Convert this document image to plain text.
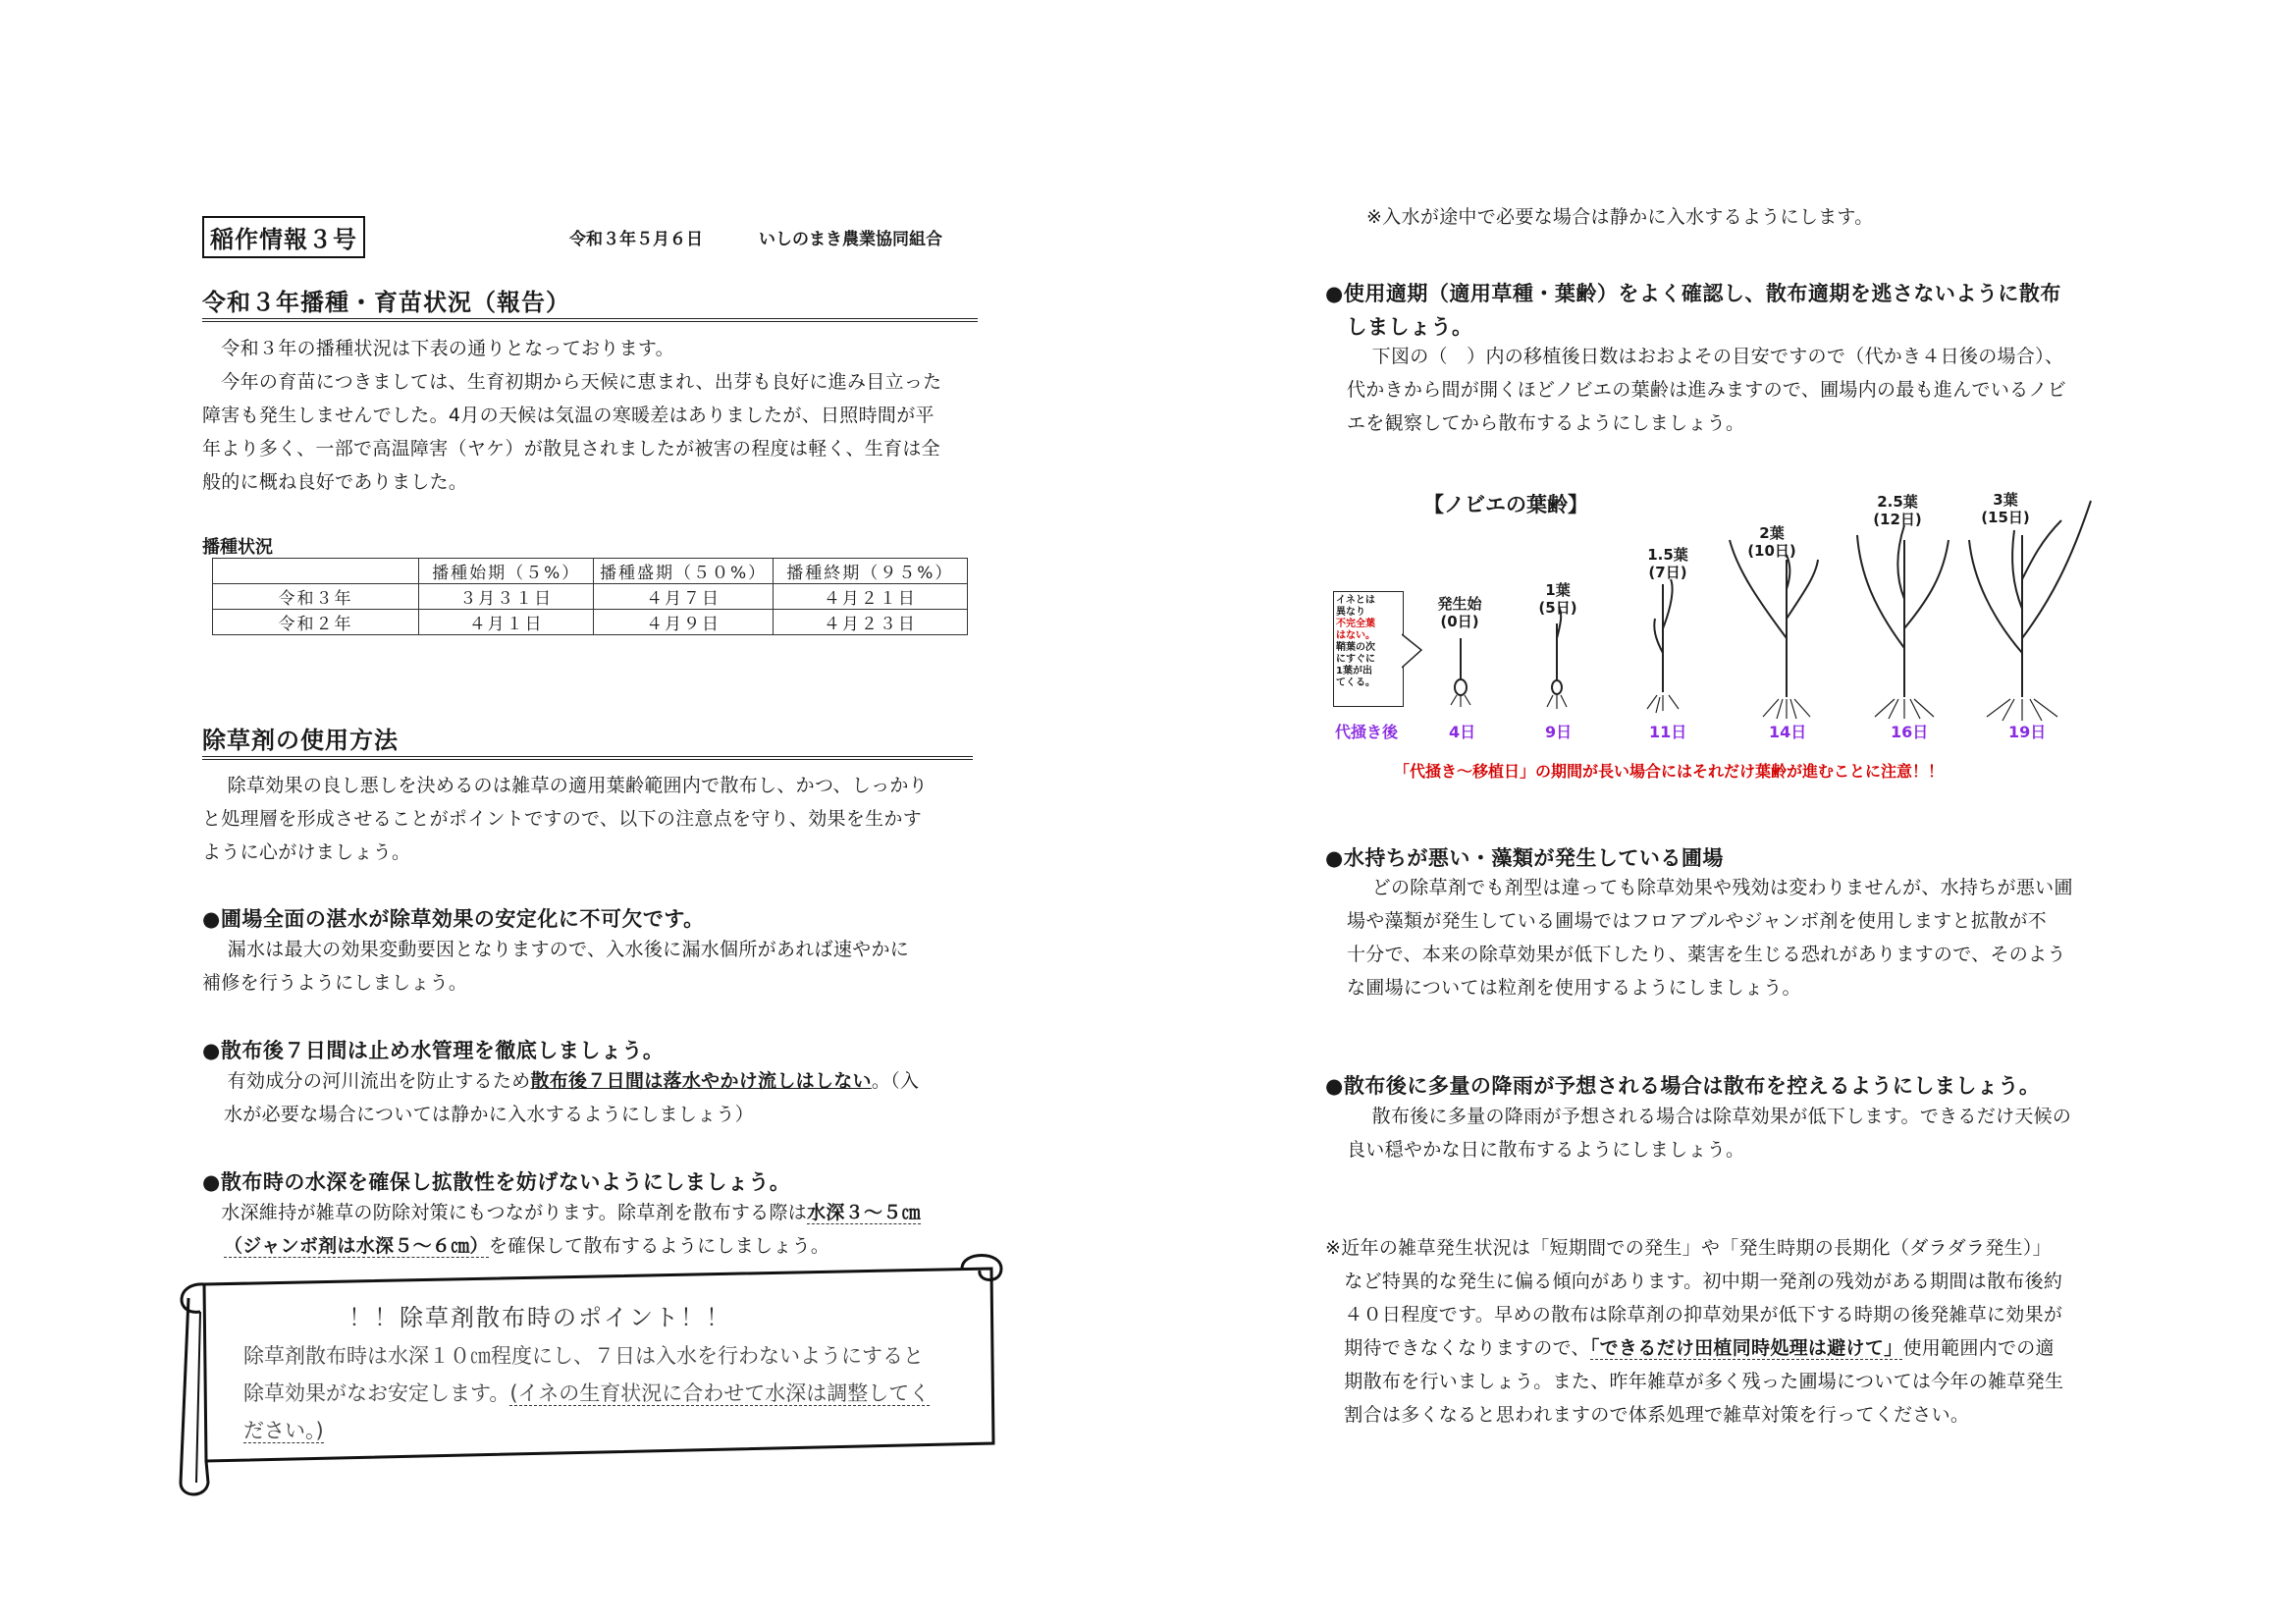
稲作情報３号	令和３年５月６日	いしのまき農業協同組合
令和３年播種・育苗状況（報告）

　令和３年の播種状況は下表の通りとなっております。

　今年の育苗につきましては、生育初期から天候に恵まれ、出芽も良好に進み目立った

障害も発生しませんでした。4月の天候は気温の寒暖差はありましたが、日照時間が平

年より多く、一部で高温障害（ヤケ）が散見されましたが被害の程度は軽く、生育は全

般的に概ね良好でありました。

播種状況
	播種始期（５%）	播種盛期（５０%）	播種終期（９５%）
令和３年	３月３１日	４月７日	４月２１日
令和２年	４月１日	４月９日	４月２３日
除草剤の使用方法

　 除草効果の良し悪しを決めるのは雑草の適用葉齢範囲内で散布し、かつ、しっかり

と処理層を形成させることがポイントですので、以下の注意点を守り、効果を生かす

ように心がけましょう。

●圃場全面の湛水が除草効果の安定化に不可欠です。

　 漏水は最大の効果変動要因となりますので、入水後に漏水個所があれば速やかに

補修を行うようにしましょう。

●散布後７日間は止め水管理を徹底しましょう。

　 有効成分の河川流出を防止するため散布後７日間は落水やかけ流しはしない。（入

水が必要な場合については静かに入水するようにしましょう）

●散布時の水深を確保し拡散性を妨げないようにしましょう。

　水深維持が雑草の防除対策にもつながります。除草剤を散布する際は水深３～５㎝

（ジャンボ剤は水深５～６㎝）を確保して散布するようにしましょう。

！！除草剤散布時のポイント！！
除草剤散布時は水深１０㎝程度にし、７日は入水を行わないようにすると
除草効果がなお安定します。(イネの生育状況に合わせて水深は調整してく
ださい。)
※入水が途中で必要な場合は静かに入水するようにします。
●使用適期（適用草種・葉齢）をよく確認し、散布適期を逃さないように散布
　しましょう。

　 下図の（　）内の移植後日数はおおよその目安ですので（代かき４日後の場合）、

代かきから間が開くほどノビエの葉齢は進みますので、圃場内の最も進んでいるノビ

エを観察してから散布するようにしましょう。

【ノビエの葉齢】
イネとは
異なり
不完全葉
はない。
鞘葉の次
にすぐに
1葉が出
てくる。
発生始
(0日)
1葉
(5日)
1.5葉
(7日)
2葉
(10日)
2.5葉
(12日)
3葉
(15日)
代掻き後	4日	9日	11日	14日	16日	19日
「代掻き～移植日」の期間が長い場合にはそれだけ葉齢が進むことに注意！！
●水持ちが悪い・藻類が発生している圃場

　 どの除草剤でも剤型は違っても除草効果や残効は変わりませんが、水持ちが悪い圃

場や藻類が発生している圃場ではフロアブルやジャンボ剤を使用しますと拡散が不

十分で、本来の除草効果が低下したり、薬害を生じる恐れがありますので、そのよう

な圃場については粒剤を使用するようにしましょう。

●散布後に多量の降雨が予想される場合は散布を控えるようにしましょう。

　 散布後に多量の降雨が予想される場合は除草効果が低下します。できるだけ天候の

良い穏やかな日に散布するようにしましょう。

※近年の雑草発生状況は「短期間での発生」や「発生時期の長期化（ダラダラ発生）」

　など特異的な発生に偏る傾向があります。初中期一発剤の残効がある期間は散布後約

　４０日程度です。早めの散布は除草剤の抑草効果が低下する時期の後発雑草に効果が

　期待できなくなりますので、「できるだけ田植同時処理は避けて」使用範囲内での適

　期散布を行いましょう。また、昨年雑草が多く残った圃場については今年の雑草発生

　割合は多くなると思われますので体系処理で雑草対策を行ってください。
